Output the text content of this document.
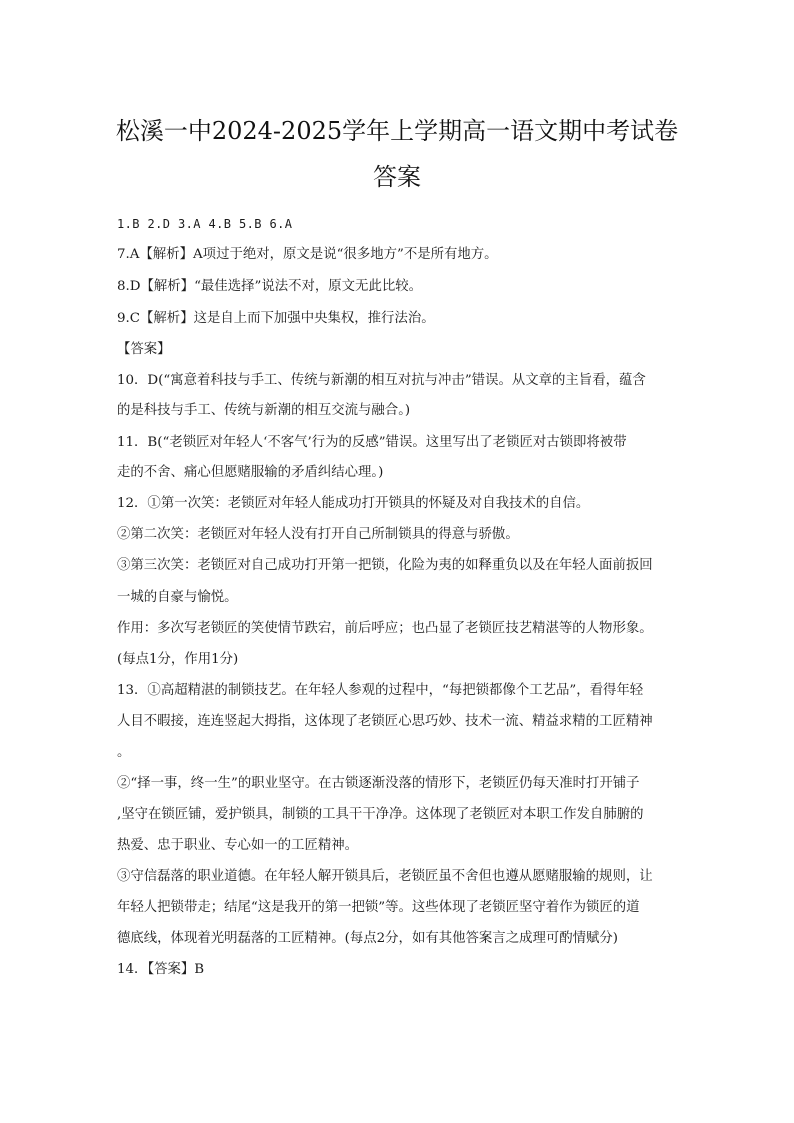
松溪一中2024-2025学年上学期高一语文期中考试卷
答案
1.B 2.D 3.A 4.B 5.B 6.A
7.A【解析】A项过于绝对，原文是说“很多地方”不是所有地方。
8.D【解析】“最佳选择”说法不对，原文无此比较。
9.C【解析】这是自上而下加强中央集权，推行法治。
【答案】
10．D(“寓意着科技与手工、传统与新潮的相互对抗与冲击”错误。从文章的主旨看，蕴含
的是科技与手工、传统与新潮的相互交流与融合。)
11．B(“老锁匠对年轻人‘不客气’行为的反感”错误。这里写出了老锁匠对古锁即将被带
走的不舍、痛心但愿赌服输的矛盾纠结心理。)
12．①第一次笑：老锁匠对年轻人能成功打开锁具的怀疑及对自我技术的自信。
②第二次笑：老锁匠对年轻人没有打开自己所制锁具的得意与骄傲。
③第三次笑：老锁匠对自己成功打开第一把锁，化险为夷的如释重负以及在年轻人面前扳回
一城的自豪与愉悦。
作用：多次写老锁匠的笑使情节跌宕，前后呼应；也凸显了老锁匠技艺精湛等的人物形象。
(每点1分，作用1分)
13．①高超精湛的制锁技艺。在年轻人参观的过程中，“每把锁都像个工艺品”，看得年轻
人目不暇接，连连竖起大拇指，这体现了老锁匠心思巧妙、技术一流、精益求精的工匠精神
。
②“择一事，终一生”的职业坚守。在古锁逐渐没落的情形下，老锁匠仍每天准时打开铺子
,坚守在锁匠铺，爱护锁具，制锁的工具干干净净。这体现了老锁匠对本职工作发自肺腑的
热爱、忠于职业、专心如一的工匠精神。
③守信磊落的职业道德。在年轻人解开锁具后，老锁匠虽不舍但也遵从愿赌服输的规则，让
年轻人把锁带走；结尾“这是我开的第一把锁”等。这些体现了老锁匠坚守着作为锁匠的道
德底线，体现着光明磊落的工匠精神。(每点2分，如有其他答案言之成理可酌情赋分)
14．【答案】B
